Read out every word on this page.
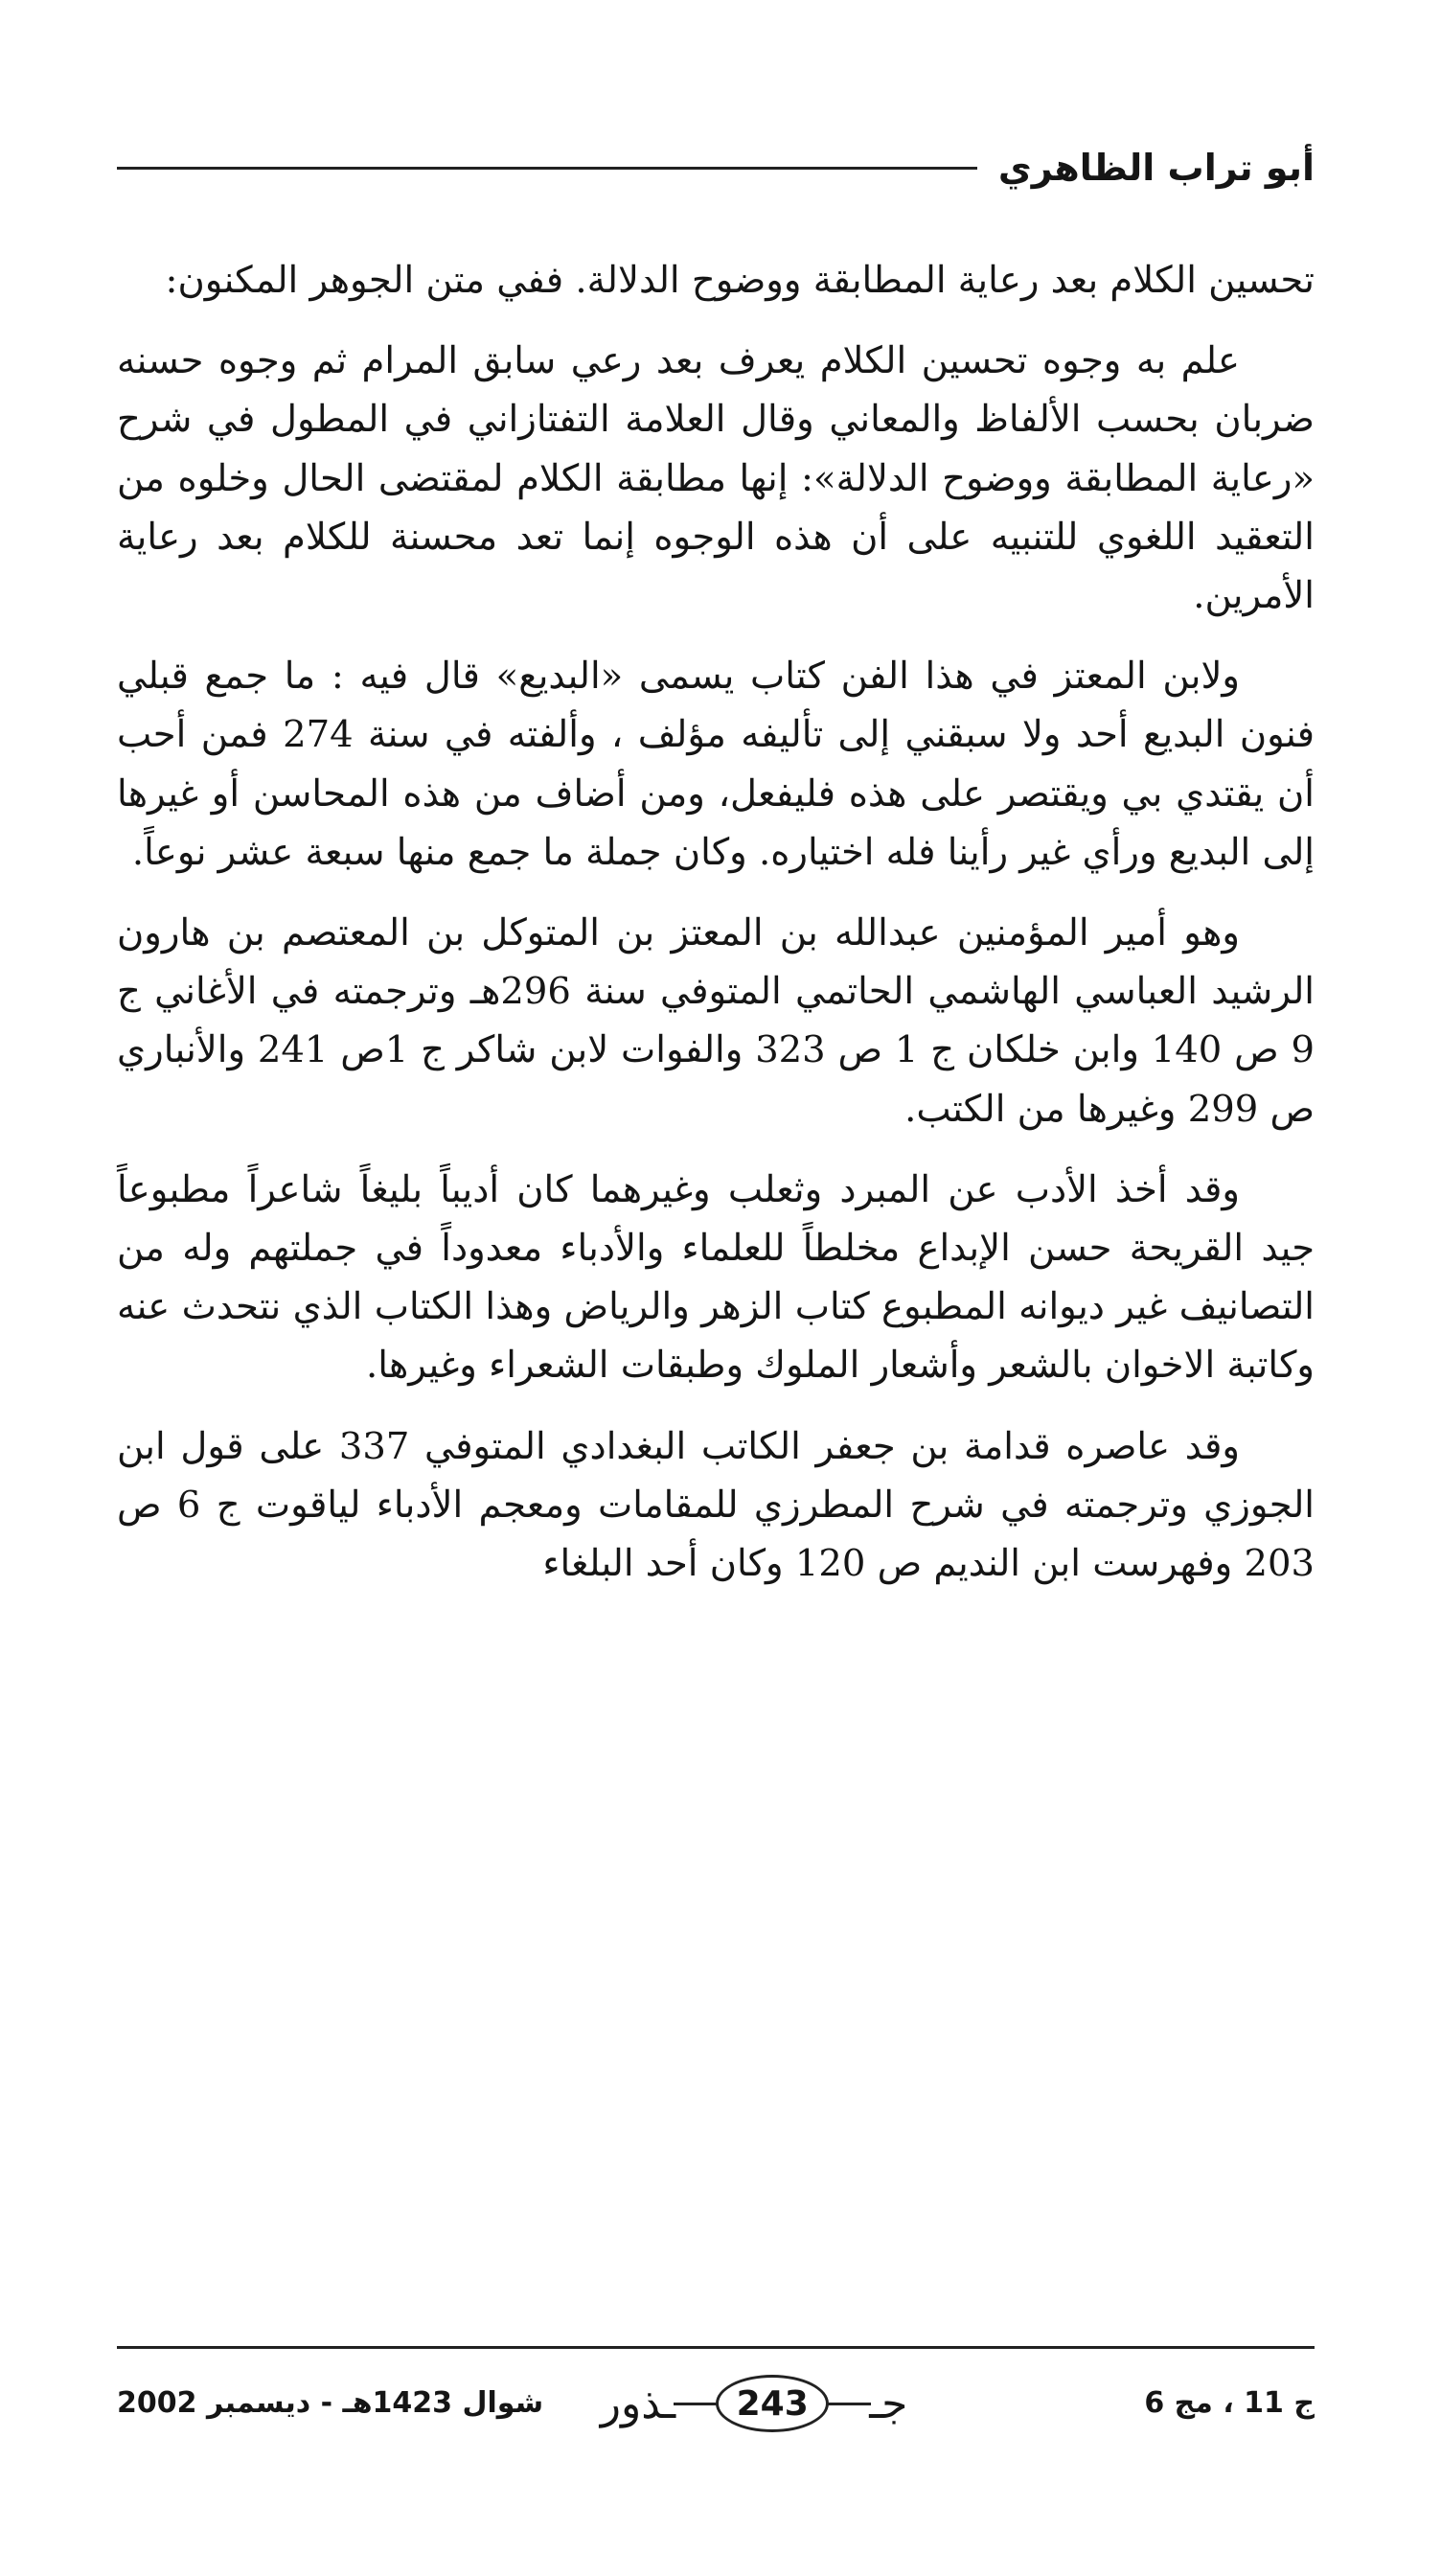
أبو تراب الظاهري

تحسين الكلام بعد رعاية المطابقة ووضوح الدلالة. ففي متن الجوهر المكنون:

علم به وجوه تحسين الكلام يعرف بعد رعي سابق المرام ثم وجوه حسنه ضربان بحسب الألفاظ والمعاني وقال العلامة التفتازاني في المطول في شرح «رعاية المطابقة ووضوح الدلالة»: إنها مطابقة الكلام لمقتضى الحال وخلوه من التعقيد اللغوي للتنبيه على أن هذه الوجوه إنما تعد محسنة للكلام بعد رعاية الأمرين.

ولابن المعتز في هذا الفن كتاب يسمى «البديع» قال فيه : ما جمع قبلي فنون البديع أحد ولا سبقني إلى تأليفه مؤلف ، وألفته في سنة 274 فمن أحب أن يقتدي بي ويقتصر على هذه فليفعل، ومن أضاف من هذه المحاسن أو غيرها إلى البديع ورأي غير رأينا فله اختياره. وكان جملة ما جمع منها سبعة عشر نوعاً.

وهو أمير المؤمنين عبدالله بن المعتز بن المتوكل بن المعتصم بن هارون الرشيد العباسي الهاشمي الحاتمي المتوفي سنة 296هـ وترجمته في الأغاني ج 9 ص 140 وابن خلكان ج 1 ص 323 والفوات لابن شاكر ج 1ص 241 والأنباري ص 299 وغيرها من الكتب.

وقد أخذ الأدب عن المبرد وثعلب وغيرهما كان أديباً بليغاً شاعراً مطبوعاً جيد القريحة حسن الإبداع مخلطاً للعلماء والأدباء معدوداً في جملتهم وله من التصانيف غير ديوانه المطبوع كتاب الزهر والرياض وهذا الكتاب الذي نتحدث عنه وكاتبة الاخوان بالشعر وأشعار الملوك وطبقات الشعراء وغيرها.

وقد عاصره قدامة بن جعفر الكاتب البغدادي المتوفي 337 على قول ابن الجوزي وترجمته في شرح المطرزي للمقامات ومعجم الأدباء لياقوت ج 6 ص 203 وفهرست ابن النديم ص 120 وكان أحد البلغاء

ج 11 ، مج 6
جـ
243
ـذور
شوال 1423هـ - ديسمبر 2002
